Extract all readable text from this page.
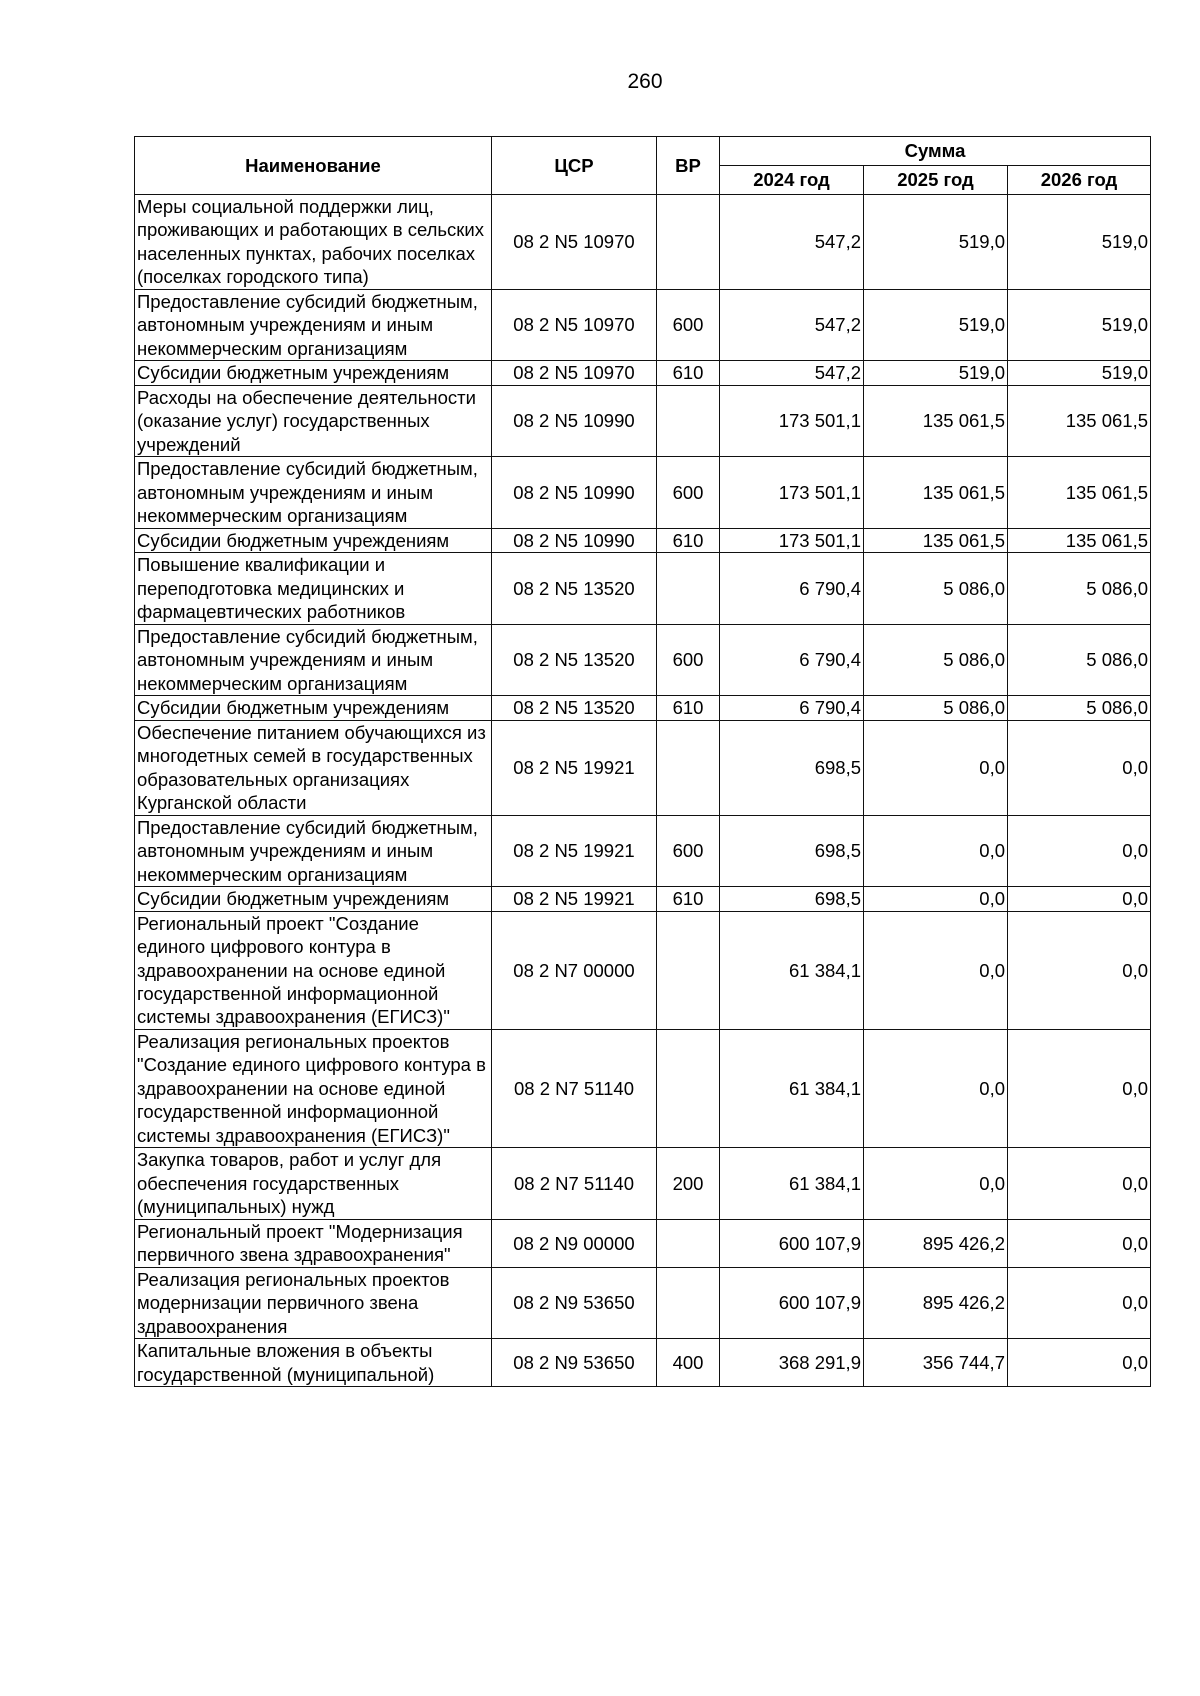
260
Наименование	ЦСР	ВР	Сумма		
			2024 год	2025 год	2026 год
Меры социальной поддержки лиц, проживающих и работающих в сельских населенных пунктах, рабочих поселках (поселках городского типа)	08 2 N5 10970		547,2	519,0	519,0
Предоставление субсидий бюджетным, автономным учреждениям и иным некоммерческим организациям	08 2 N5 10970	600	547,2	519,0	519,0
Субсидии бюджетным учреждениям	08 2 N5 10970	610	547,2	519,0	519,0
Расходы на обеспечение деятельности (оказание услуг) государственных учреждений	08 2 N5 10990		173 501,1	135 061,5	135 061,5
Предоставление субсидий бюджетным, автономным учреждениям и иным некоммерческим организациям	08 2 N5 10990	600	173 501,1	135 061,5	135 061,5
Субсидии бюджетным учреждениям	08 2 N5 10990	610	173 501,1	135 061,5	135 061,5
Повышение квалификации и переподготовка медицинских и фармацевтических работников	08 2 N5 13520		6 790,4	5 086,0	5 086,0
Предоставление субсидий бюджетным, автономным учреждениям и иным некоммерческим организациям	08 2 N5 13520	600	6 790,4	5 086,0	5 086,0
Субсидии бюджетным учреждениям	08 2 N5 13520	610	6 790,4	5 086,0	5 086,0
Обеспечение питанием обучающихся из многодетных семей в государственных образовательных организациях Курганской области	08 2 N5 19921		698,5	0,0	0,0
Предоставление субсидий бюджетным, автономным учреждениям и иным некоммерческим организациям	08 2 N5 19921	600	698,5	0,0	0,0
Субсидии бюджетным учреждениям	08 2 N5 19921	610	698,5	0,0	0,0
Региональный проект "Создание единого цифрового контура в здравоохранении на основе единой государственной информационной системы здравоохранения (ЕГИСЗ)"	08 2 N7 00000		61 384,1	0,0	0,0
Реализация региональных проектов "Создание единого цифрового контура в здравоохранении на основе единой государственной информационной системы здравоохранения (ЕГИСЗ)"	08 2 N7 51140		61 384,1	0,0	0,0
Закупка товаров, работ и услуг для обеспечения государственных (муниципальных) нужд	08 2 N7 51140	200	61 384,1	0,0	0,0
Региональный проект "Модернизация первичного звена здравоохранения"	08 2 N9 00000		600 107,9	895 426,2	0,0
Реализация региональных проектов модернизации первичного звена здравоохранения	08 2 N9 53650		600 107,9	895 426,2	0,0
Капитальные вложения в объекты государственной (муниципальной)	08 2 N9 53650	400	368 291,9	356 744,7	0,0
